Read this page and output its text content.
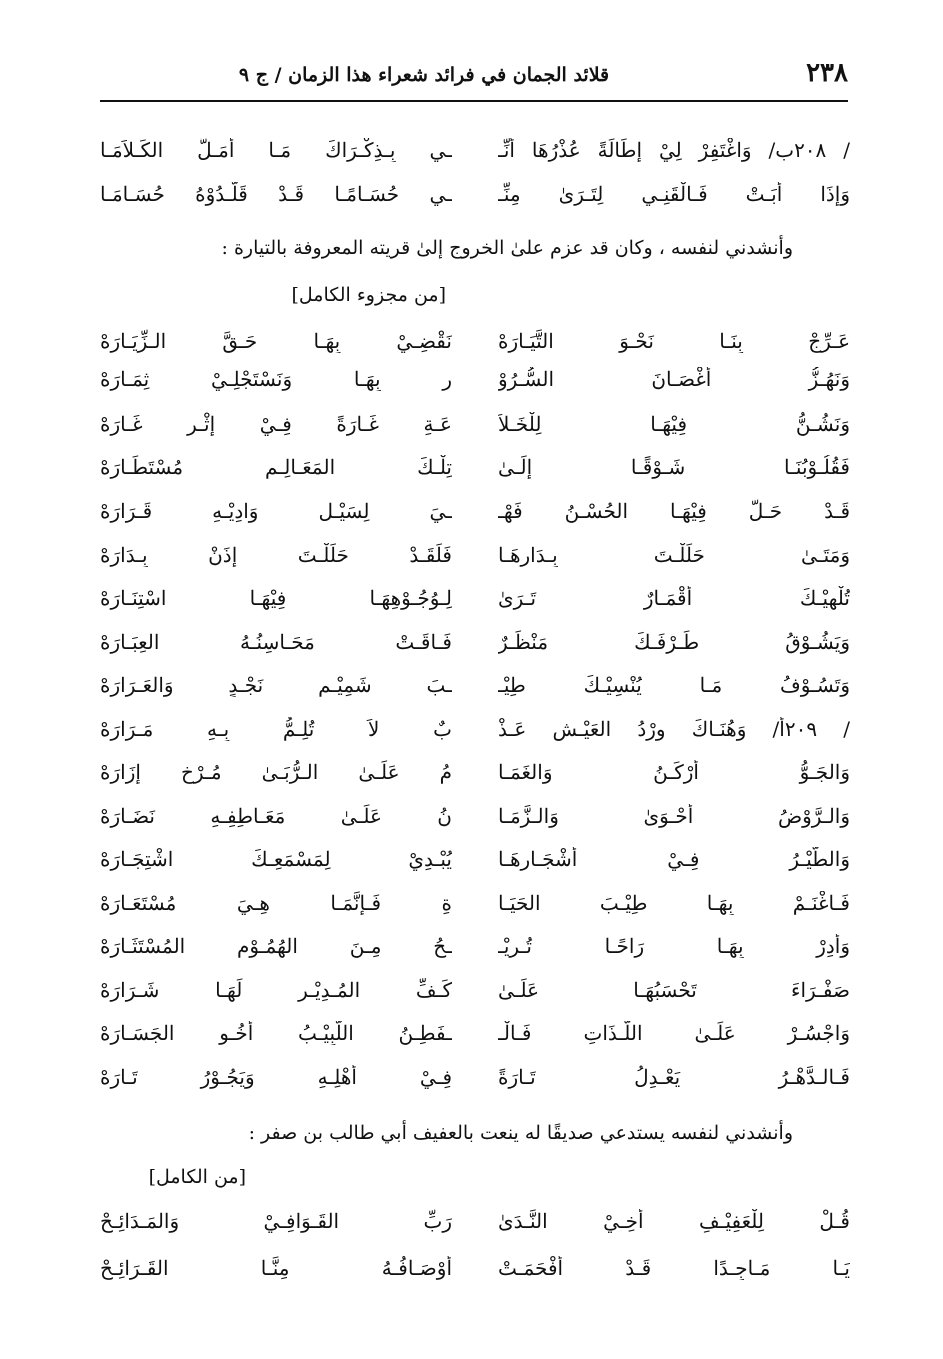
٢٣٨
قلائد الجمان في فرائد شعراء هذا الزمان / ج ٩
/ ٢٠٨ب/ وَاغْتَفِرْ لِيْ إِطَالَةً عُذْرُهَا أَنِّـ
ـي بِـذِكْـرَاكَ مَـا أَمَـلُّ الكَـلاَمَـا
وَإِذَا أَبَـتْ فَـالْقَنِـي لِتَـرَىٰ مِنِّـ
ـي حُسَـامًـا قَـدْ قَلَّـدُوْهُ حُسَـامَـا
وأنشدني لنفسه ، وكان قد عزم علىٰ الخروج إلىٰ قريته المعروفة بالتيارة :
[من مجزوء الكامل]
عَـرِّجْ بِنَـا نَحْـوَ التَّيَـارَهْ
نَقْضِـيْ بِهَـا حَـقَّ الـزِّيَـارَهْ
وَنَهُـزُّ أَغْصَـانَ السُّـرُوْ
رِ بِهَـا وَنَسْتَجْلِـيْ ثِمَـارَهْ
وَنَشُـنُّ فِيْهَـا لِلْخَـلاَ
عَـةِ غَـارَةً فِـيْ إِثْـرِ غَـارَهْ
فَقُلُـوْبُنَـا شَـوْقًـا إِلَـىٰ
تِلْـكَ المَعَـالِـمِ مُسْتَطَـارَهْ
قَـدْ حَـلَّ فِيْهَـا الحُسْـنُ فَهْـ
ـيَ لِسَيْـلِ وَادِيْـهِ قَـرَارَهْ
وَمَتَـىٰ حَلَلْـتَ بِـدَارِهَـا
فَلَقَـدْ حَلَلْـتَ إِذَنْ بِـدَارَهْ
تُلْهِيْـكَ أَقْمَـارٌ تَـرَىٰ
لِـوُجُـوْهِهَـا فِيْهَـا اسْتِنَـارَهْ
وَيَشُـوْقُ طَـرْفَـكَ مَنْظَـرٌ
فَـاقَـتْ مَحَـاسِنُـهُ العِبَـارَهْ
وَتَسُـوْفُ مَـا يُنْسِيْـكَ طِيْـ
ـبَ شَمِيْـمِ نَجْـدٍ وَالعَـرَارَهْ
/ ٢٠٩أ/ وَهُنَـاكَ وِرْدُ العَيْـشِ عَـذْ
بٌ لاَ تُلِـمُّ بِـهِ مَـرَارَهْ
وَالجَـوُّ أَرْكَـنُ وَالغَمَـا
مُ عَلَـىٰ الـرُّبَـىٰ مُـرْخٍ إِزَارَهْ
وَالـرَّوْضُ أَحْـوَىٰ وَالـزَّمَـا
نُ عَلَـىٰ مَعَـاطِفِـهِ نَضَـارَهْ
وَالطَّيْـرُ فِـيْ أَشْجَـارِهَـا
يُبْـدِيْ لِمَسْمَعِـكَ اشْتِجَـارَهْ
فَـاغْنَـمْ بِهَـا طِيْـبَ الحَيَـا
ةِ فَـإِنَّمَـا هِـيَ مُسْتَعَـارَهْ
وَأَدِرْ بِهَـا رَاحًـا تُـرِيْـ
ـحُ مِـنَ الهُمُـوْمِ المُسْتَثَـارَهْ
صَفْـرَاءَ تَحْسَبُهَـا عَلَـىٰ
كَـفِّ المُـدِيْـرِ لَهَـا شَـرَارَهْ
وَاجْسُـرْ عَلَـىٰ اللَّـذَاتِ فَـالْـ
ـفَطِـنُ اللَّبِيْـبُ أَخُـو الجَسَـارَهْ
فَـالـدَّهْـرُ يَعْـدِلُ تَـارَةً
فِـيْ أَهْلِـهِ وَيَجُـوْرُ تَـارَهْ
وأنشدني لنفسه يستدعي صديقًا له ينعت بالعفيف أبي طالب بن صفر :
[من الكامل]
قُـلْ لِلْعَفِيْـفِ أَخِـيْ النَّـدَىٰ
رَبِّ القَـوَافِـيْ وَالمَـدَائِـحْ
يَـا مَـاجِـدًا قَـدْ أَفْحَمَـتْ
أَوْصَـافُـهُ مِنَّـا القَـرَائِـحْ
